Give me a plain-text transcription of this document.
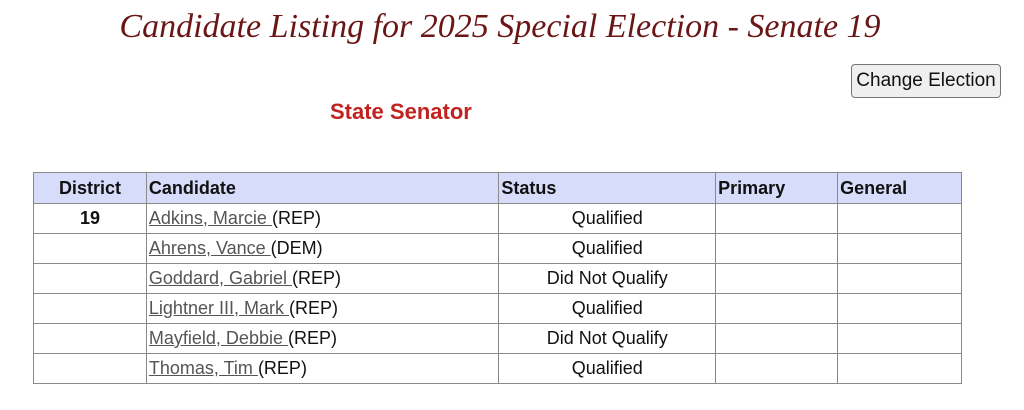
Candidate Listing for 2025 Special Election - Senate 19
Change Election
State Senator
District	Candidate	Status	Primary	General
19	Adkins, Marcie (REP)	Qualified		
	Ahrens, Vance (DEM)	Qualified		
	Goddard, Gabriel (REP)	Did Not Qualify		
	Lightner III, Mark (REP)	Qualified		
	Mayfield, Debbie (REP)	Did Not Qualify		
	Thomas, Tim (REP)	Qualified		
